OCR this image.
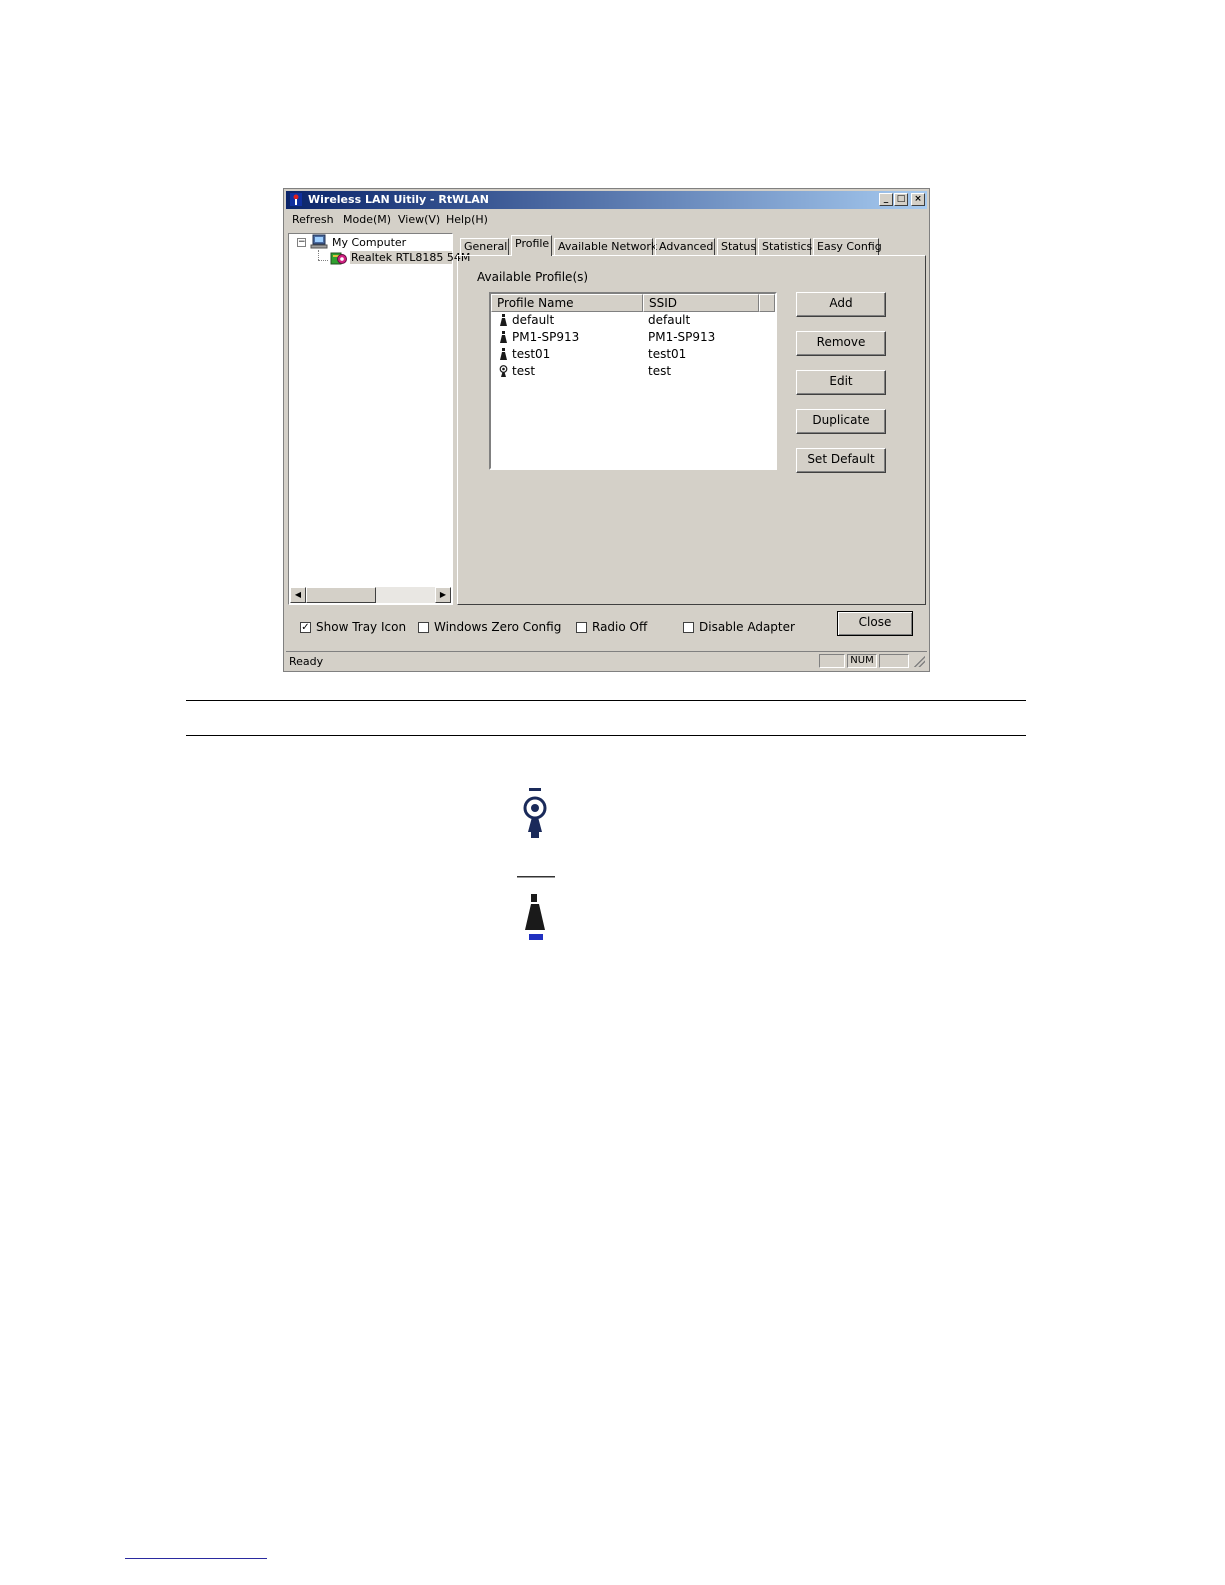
Wireless LAN Uitily - RtWLAN	_ □ ×
Refresh Mode(M) View(V) Help(H)
− My Computer
Realtek RTL8185 54M
◀	▶
General Profile Available Network Advanced Status Statistics Easy Config
Available Profile(s)
Profile Name	SSID
default	default
PM1-SP913	PM1-SP913
test01	test01
test	test
Add
Remove
Edit
Duplicate
Set Default
✓ Show Tray Icon Windows Zero Config	Radio Off	Disable Adapter	Close
Ready	NUM
